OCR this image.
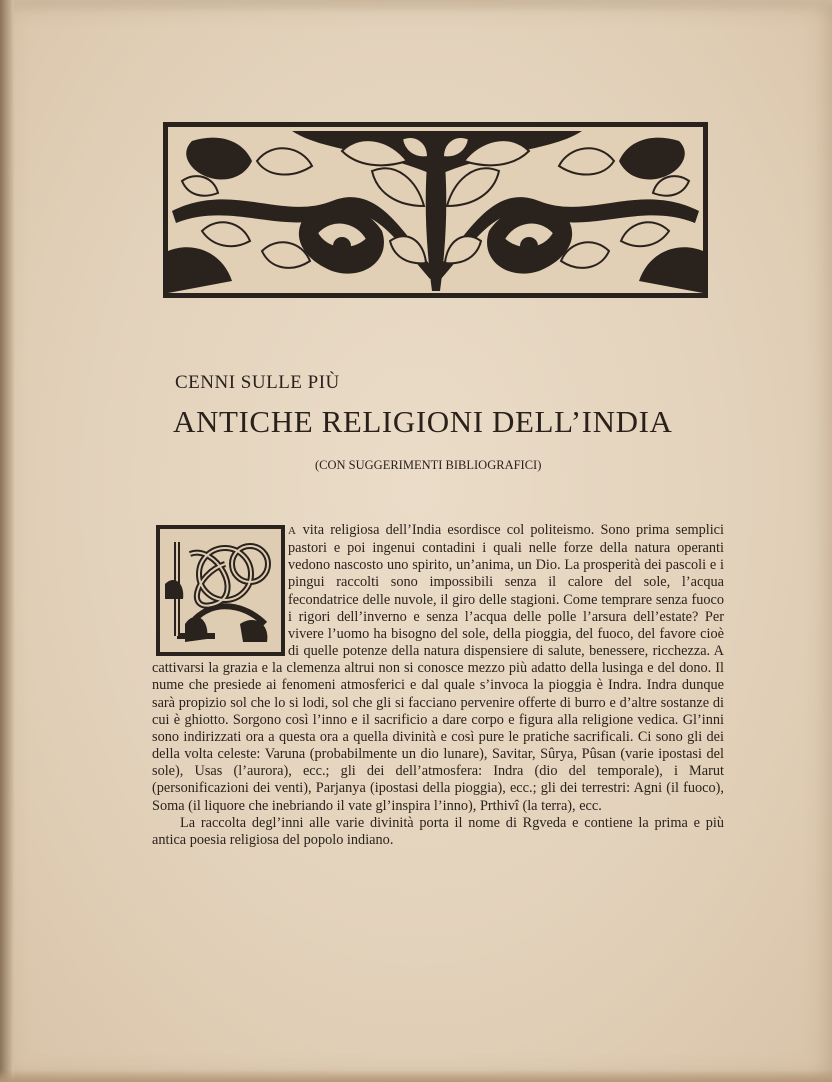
CENNI SULLE PIÙ
ANTICHE RELIGIONI DELL’INDIA
(CON SUGGERIMENTI BIBLIOGRAFICI)

A vita religiosa dell’India esordisce col politeismo. Sono prima semplici pastori e poi ingenui contadini i quali nelle forze della natura operanti vedono nascosto uno spirito, un’anima, un Dio. La prosperità dei pascoli e i pingui raccolti sono impossibili senza il calore del sole, l’acqua fecondatrice delle nuvole, il giro delle stagioni. Come temprare senza fuoco i rigori dell’inverno e senza l’acqua delle polle l’arsura dell’estate? Per vivere l’uomo ha bisogno del sole, della pioggia, del fuoco, del favore cioè di quelle potenze della natura dispensiere di salute, benessere, ricchezza. A cattivarsi la grazia e la clemenza altrui non si conosce mezzo più adatto della lusinga e del dono. Il nume che presiede ai fenomeni atmosferici e dal quale s’invoca la pioggia è Indra. Indra dunque sarà propizio sol che lo si lodi, sol che gli si facciano pervenire offerte di burro e d’altre sostanze di cui è ghiotto. Sorgono così l’inno e il sacrificio a dare corpo e figura alla religione vedica. Gl’inni sono indirizzati ora a questa ora a quella divinità e così pure le pratiche sacrificali. Ci sono gli dei della volta celeste: Varuna (probabilmente un dio lunare), Savitar, Sûrya, Pûsan (varie ipostasi del sole), Usas (l’aurora), ecc.; gli dei dell’atmosfera: Indra (dio del temporale), i Marut (personificazioni dei venti), Parjanya (ipostasi della pioggia), ecc.; gli dei terrestri: Agni (il fuoco), Soma (il liquore che inebriando il vate gl’inspira l’inno), Prthivî (la terra), ecc.

La raccolta degl’inni alle varie divinità porta il nome di Rgveda e contiene la prima e più antica poesia religiosa del popolo indiano.
